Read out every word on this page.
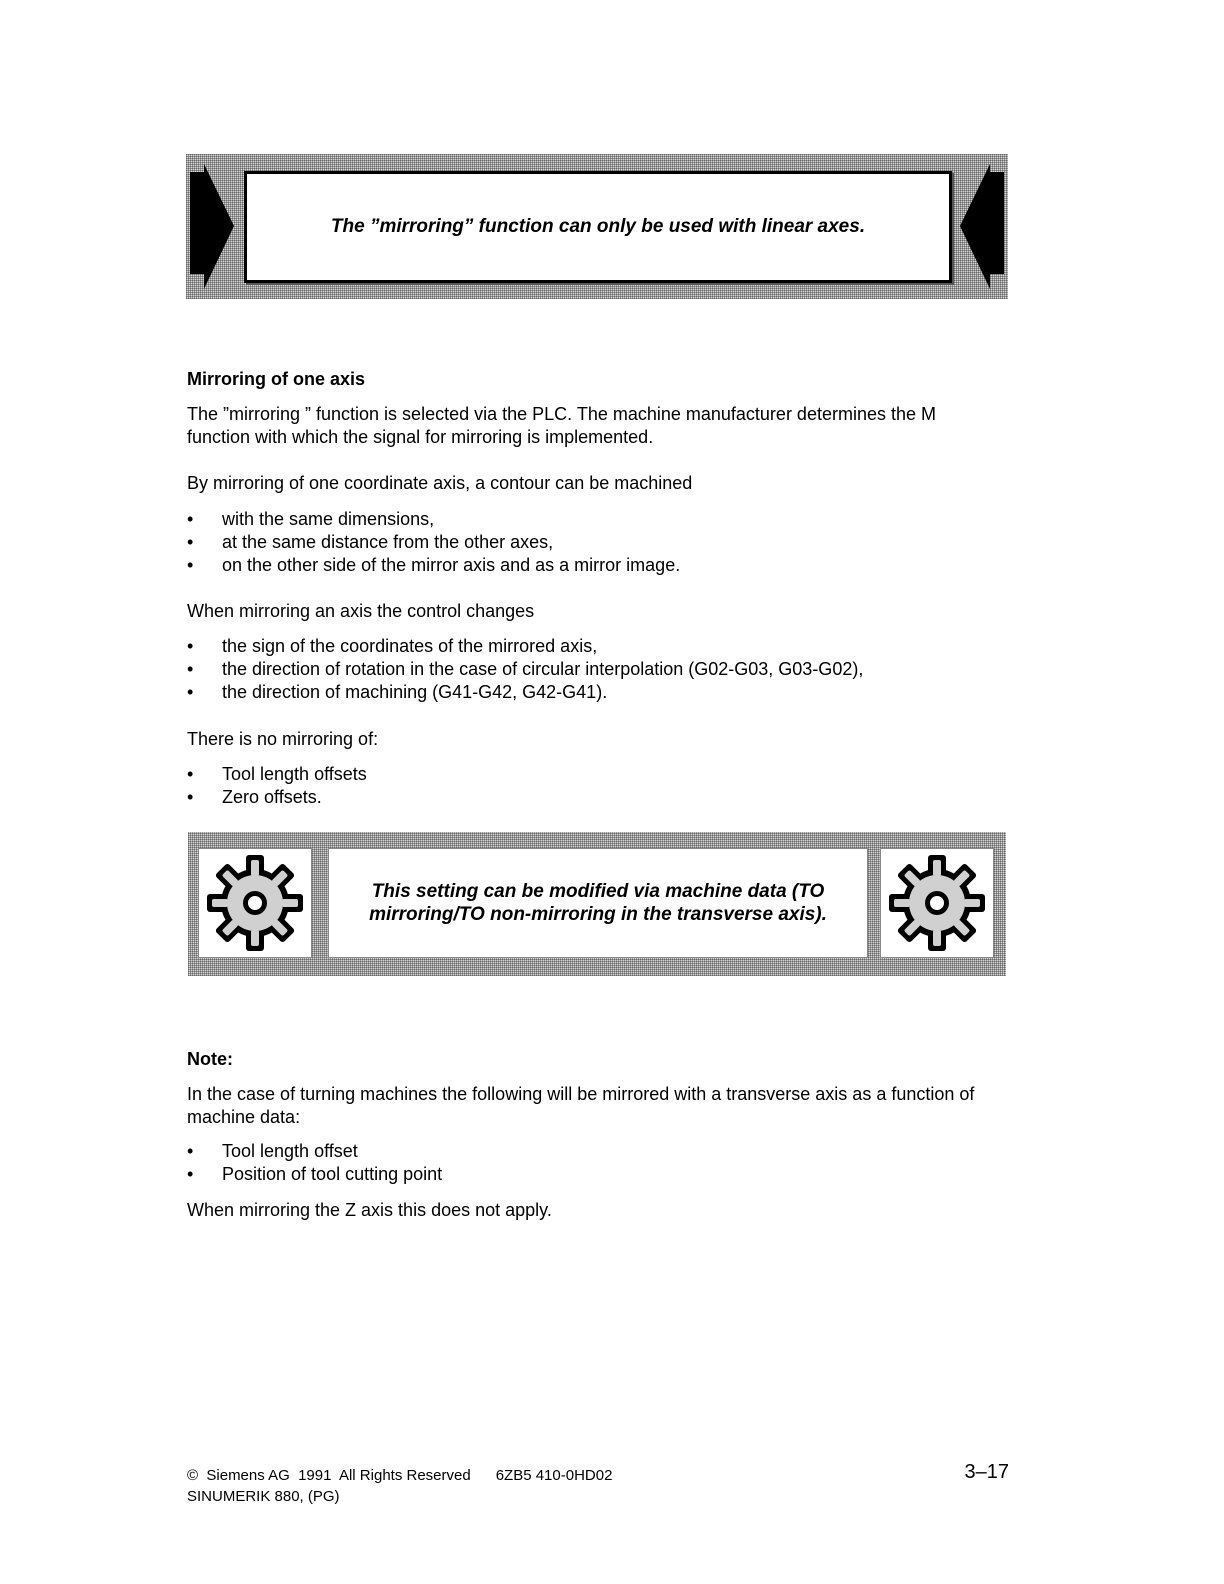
The ”mirroring” function can only be used with linear axes.

Mirroring of one axis

The ”mirroring ” function is selected via the PLC. The machine manufacturer determines the M function with which the signal for mirroring is implemented.

By mirroring of one coordinate axis, a contour can be machined

• with the same dimensions,
• at the same distance from the other axes,
• on the other side of the mirror axis and as a mirror image.

When mirroring an axis the control changes

• the sign of the coordinates of the mirrored axis,
• the direction of rotation in the case of circular interpolation (G02-G03, G03-G02),
• the direction of machining (G41-G42, G42-G41).

There is no mirroring of:

• Tool length offsets
• Zero offsets.
This setting can be modified via machine data (TO mirroring/TO non-mirroring in the transverse axis).

Note:

In the case of turning machines the following will be mirrored with a transverse axis as a function of machine data:

• Tool length offset
• Position of tool cutting point

When mirroring the Z axis this does not apply.

©  Siemens AG  1991  All Rights Reserved      6ZB5 410-0HD02
SINUMERIK 880, (PG)
3–17
